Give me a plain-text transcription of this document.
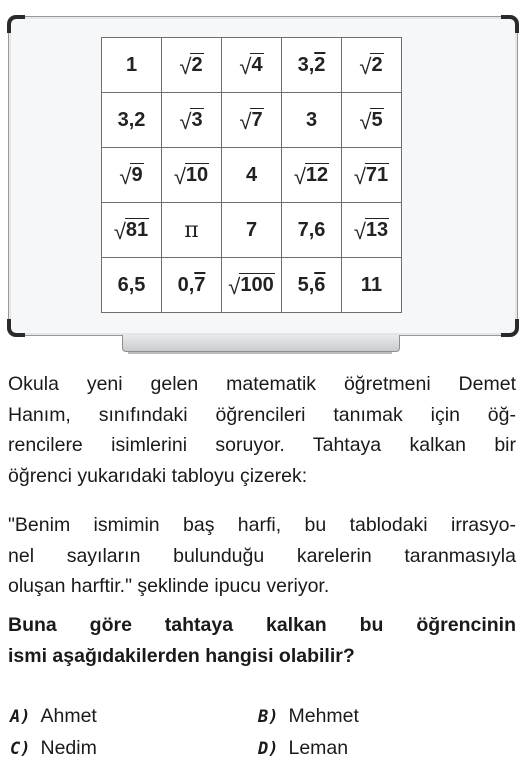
1	√ 2	√ 4	3,2	√ 2

3,2	√ 3	√ 7	3	√ 5

√ 9	√ 10	4	√ 12	√ 71

√ 81	π	7	7,6	√ 13

6,5	0,7	√ 100	5,6	11
Okula yeni gelen matematik öğretmeni Demet
Hanım, sınıfındaki öğrencileri tanımak için öğ-
rencilere isimlerini soruyor. Tahtaya kalkan bir
öğrenci yukarıdaki tabloyu çizerek:
"Benim ismimin baş harfi, bu tablodaki irrasyo-
nel sayıların bulunduğu karelerin taranmasıyla
oluşan harftir." şeklinde ipucu veriyor.
Buna göre tahtaya kalkan bu öğrencinin
ismi aşağıdakilerden hangisi olabilir?
A) Ahmet	B) Mehmet
C) Nedim	D) Leman
